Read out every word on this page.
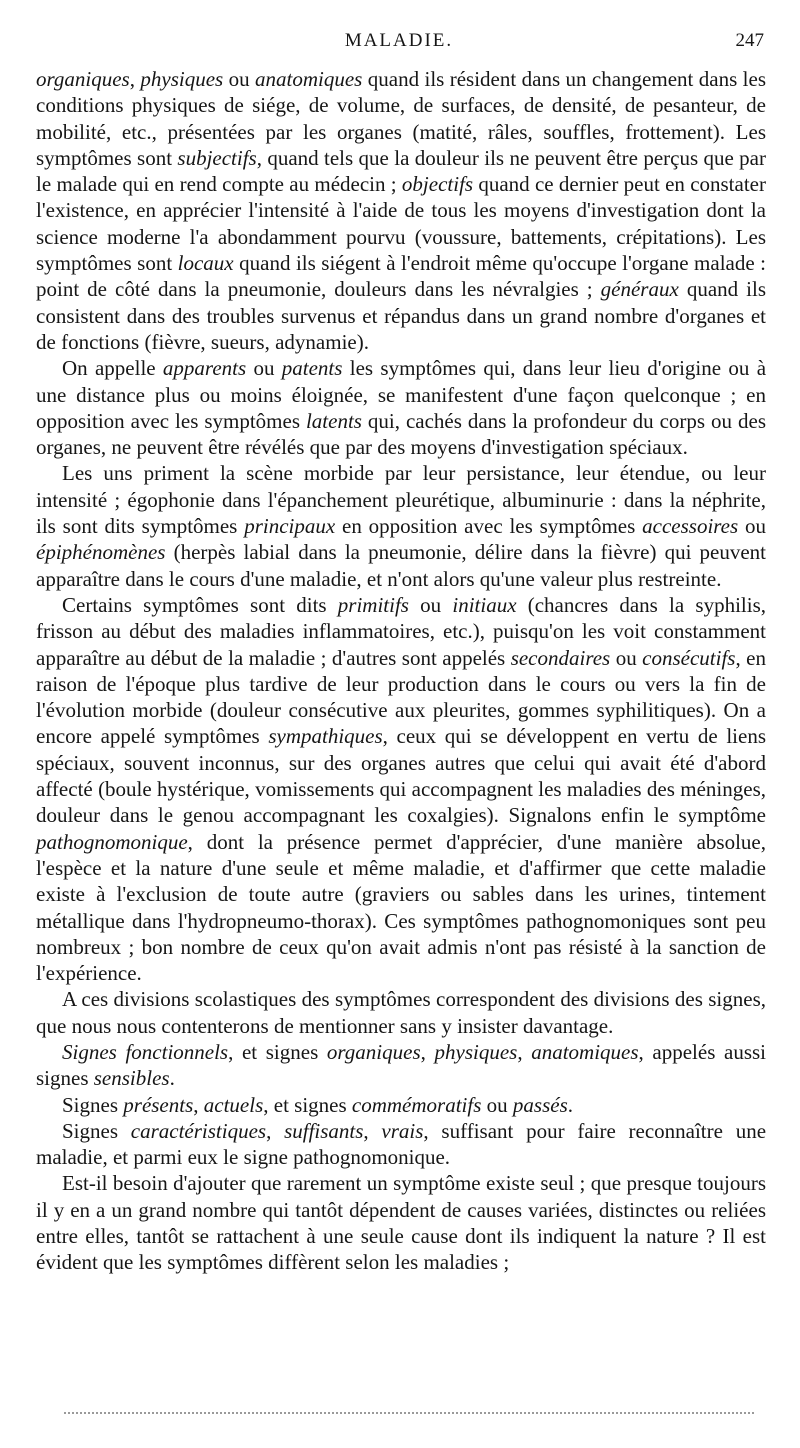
MALADIE.	247

organiques, physiques ou anatomiques quand ils résident dans un changement dans les conditions physiques de siége, de volume, de surfaces, de densité, de pesanteur, de mobilité, etc., présentées par les organes (matité, râles, souffles, frottement). Les symptômes sont subjectifs, quand tels que la douleur ils ne peuvent être perçus que par le malade qui en rend compte au médecin ; objectifs quand ce dernier peut en constater l'existence, en apprécier l'intensité à l'aide de tous les moyens d'investigation dont la science moderne l'a abondamment pourvu (voussure, battements, crépitations). Les symptômes sont locaux quand ils siégent à l'endroit même qu'occupe l'organe malade : point de côté dans la pneumonie, douleurs dans les névralgies ; généraux quand ils consistent dans des troubles survenus et répandus dans un grand nombre d'organes et de fonctions (fièvre, sueurs, adynamie).

On appelle apparents ou patents les symptômes qui, dans leur lieu d'origine ou à une distance plus ou moins éloignée, se manifestent d'une façon quelconque ; en opposition avec les symptômes latents qui, cachés dans la profondeur du corps ou des organes, ne peuvent être révélés que par des moyens d'investigation spéciaux.

Les uns priment la scène morbide par leur persistance, leur étendue, ou leur intensité ; égophonie dans l'épanchement pleurétique, albuminurie : dans la néphrite, ils sont dits symptômes principaux en opposition avec les symptômes accessoires ou épiphénomènes (herpès labial dans la pneumonie, délire dans la fièvre) qui peuvent apparaître dans le cours d'une maladie, et n'ont alors qu'une valeur plus restreinte.

Certains symptômes sont dits primitifs ou initiaux (chancres dans la syphilis, frisson au début des maladies inflammatoires, etc.), puisqu'on les voit constamment apparaître au début de la maladie ; d'autres sont appelés secondaires ou consécutifs, en raison de l'époque plus tardive de leur production dans le cours ou vers la fin de l'évolution morbide (douleur consécutive aux pleurites, gommes syphilitiques). On a encore appelé symptômes sympathiques, ceux qui se développent en vertu de liens spéciaux, souvent inconnus, sur des organes autres que celui qui avait été d'abord affecté (boule hystérique, vomissements qui accompagnent les maladies des méninges, douleur dans le genou accompagnant les coxalgies). Signalons enfin le symptôme pathognomonique, dont la présence permet d'apprécier, d'une manière absolue, l'espèce et la nature d'une seule et même maladie, et d'affirmer que cette maladie existe à l'exclusion de toute autre (graviers ou sables dans les urines, tintement métallique dans l'hydropneumo-thorax). Ces symptômes pathognomoniques sont peu nombreux ; bon nombre de ceux qu'on avait admis n'ont pas résisté à la sanction de l'expérience.

A ces divisions scolastiques des symptômes correspondent des divisions des signes, que nous nous contenterons de mentionner sans y insister davantage.

Signes fonctionnels, et signes organiques, physiques, anatomiques, appelés aussi signes sensibles.

Signes présents, actuels, et signes commémoratifs ou passés.

Signes caractéristiques, suffisants, vrais, suffisant pour faire reconnaître une maladie, et parmi eux le signe pathognomonique.

Est-il besoin d'ajouter que rarement un symptôme existe seul ; que presque toujours il y en a un grand nombre qui tantôt dépendent de causes variées, distinctes ou reliées entre elles, tantôt se rattachent à une seule cause dont ils indiquent la nature ? Il est évident que les symptômes diffèrent selon les maladies ;
